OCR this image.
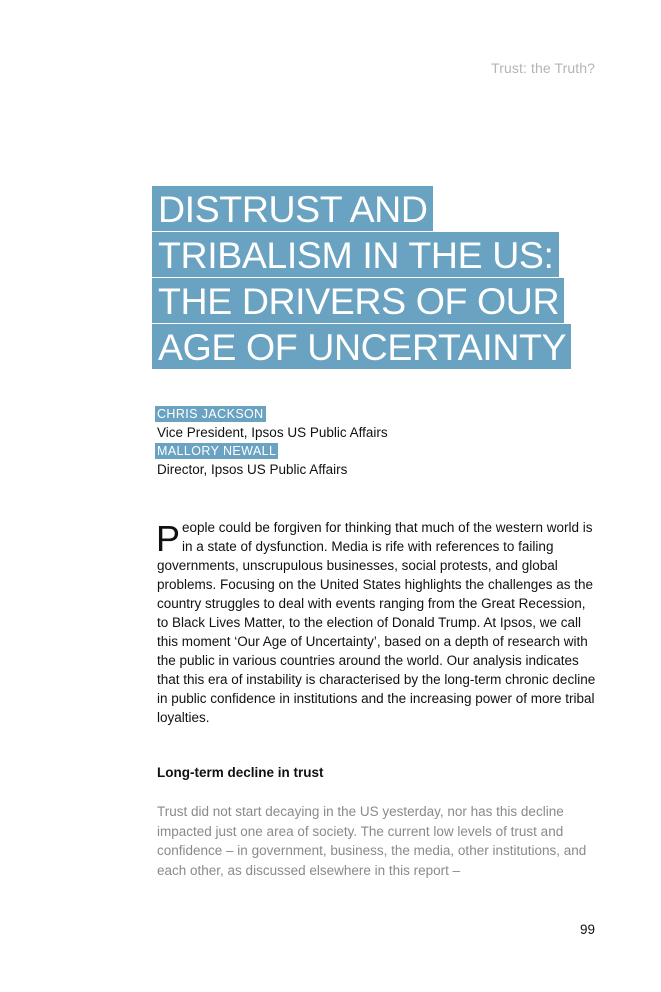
Trust: the Truth?
DISTRUST AND
TRIBALISM IN THE US:
THE DRIVERS OF OUR
AGE OF UNCERTAINTY
CHRIS JACKSON
Vice President, Ipsos US Public Affairs
MALLORY NEWALL
Director, Ipsos US Public Affairs
People could be forgiven for thinking that much of the western world is in a state of dysfunction. Media is rife with references to failing governments, unscrupulous businesses, social protests, and global problems. Focusing on the United States highlights the challenges as the country struggles to deal with events ranging from the Great Recession, to Black Lives Matter, to the election of Donald Trump. At Ipsos, we call this moment ‘Our Age of Uncertainty’, based on a depth of research with the public in various countries around the world. Our analysis indicates that this era of instability is characterised by the long-term chronic decline in public confidence in institutions and the increasing power of more tribal loyalties.
Long-term decline in trust
Trust did not start decaying in the US yesterday, nor has this decline impacted just one area of society. The current low levels of trust and confidence – in government, business, the media, other institutions, and each other, as discussed elsewhere in this report –
99
